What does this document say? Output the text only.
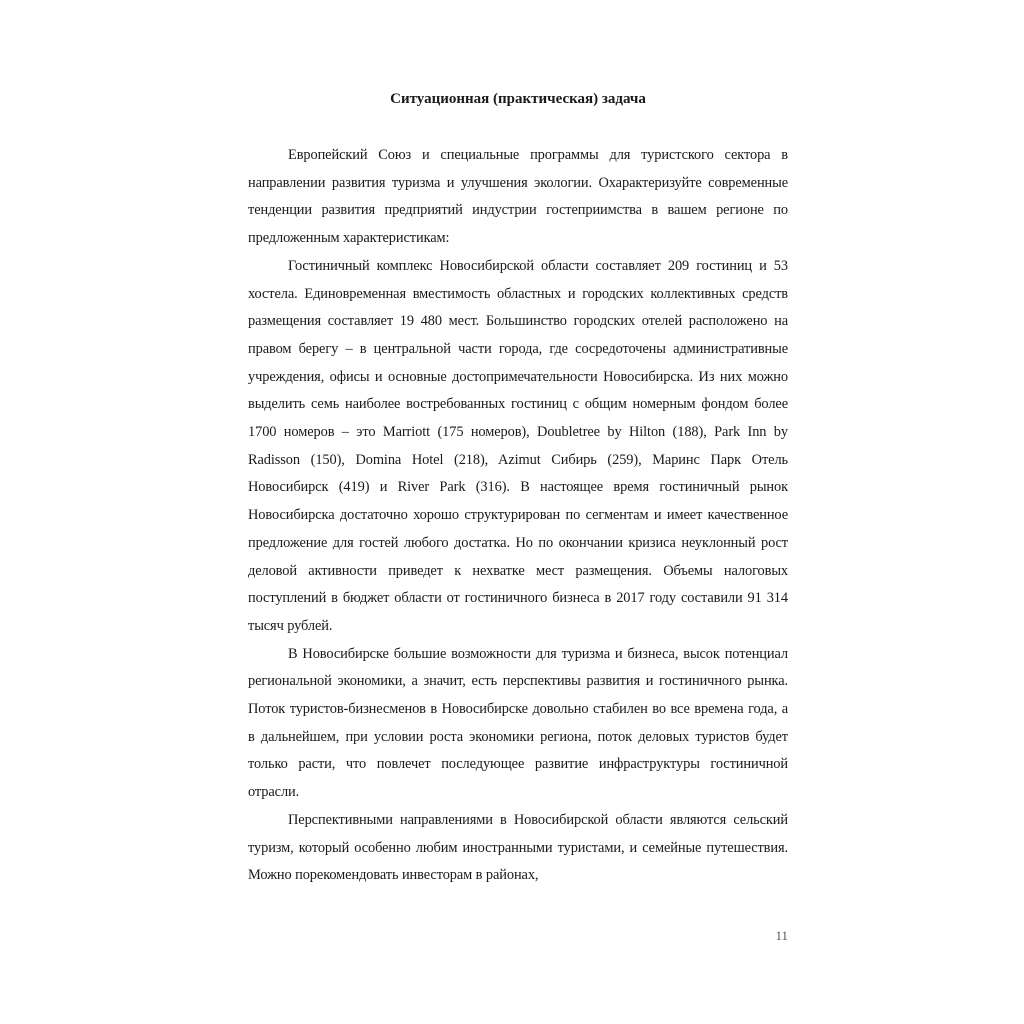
Ситуационная (практическая) задача

Европейский Союз и специальные программы для туристского сектора в направлении развития туризма и улучшения экологии. Охарактеризуйте современные тенденции развития предприятий индустрии гостеприимства в вашем регионе по предложенным характеристикам:

Гостиничный комплекс Новосибирской области составляет 209 гостиниц и 53 хостела. Единовременная вместимость областных и городских коллективных средств размещения составляет 19 480 мест. Большинство городских отелей расположено на правом берегу – в центральной части города, где сосредоточены административные учреждения, офисы и основные достопримечательности Новосибирска. Из них можно выделить семь наиболее востребованных гостиниц с общим номерным фондом более 1700 номеров – это Marriott (175 номеров), Doubletree by Hilton (188), Park Inn by Radisson (150), Domina Hotel (218), Azimut Сибирь (259), Маринс Парк Отель Новосибирск (419) и River Park (316). В настоящее время гостиничный рынок Новосибирска достаточно хорошо структурирован по сегментам и имеет качественное предложение для гостей любого достатка. Но по окончании кризиса неуклонный рост деловой активности приведет к нехватке мест размещения. Объемы налоговых поступлений в бюджет области от гостиничного бизнеса в 2017 году составили 91 314 тысяч рублей.

В Новосибирске большие возможности для туризма и бизнеса, высок потенциал региональной экономики, а значит, есть перспективы развития и гостиничного рынка. Поток туристов-бизнесменов в Новосибирске довольно стабилен во все времена года, а в дальнейшем, при условии роста экономики региона, поток деловых туристов будет только расти, что повлечет последующее развитие инфраструктуры гостиничной отрасли.

Перспективными направлениями в Новосибирской области являются сельский туризм, который особенно любим иностранными туристами, и семейные путешествия. Можно порекомендовать инвесторам в районах,

11
